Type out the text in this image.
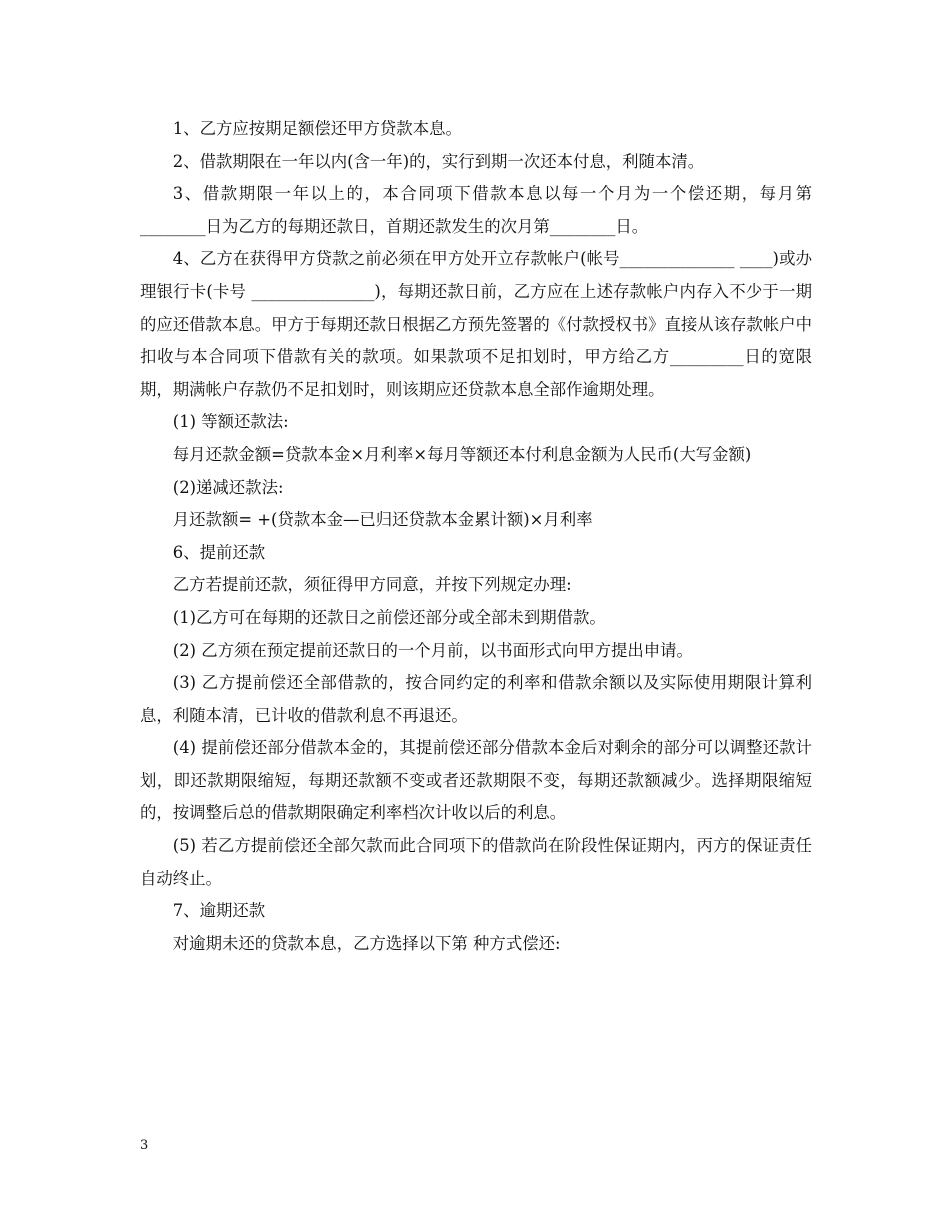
1、乙方应按期足额偿还甲方贷款本息。

2、借款期限在一年以内(含一年)的，实行到期一次还本付息，利随本清。

3、借款期限一年以上的，本合同项下借款本息以每一个月为一个偿还期，每月第________日为乙方的每期还款日，首期还款发生的次月第________日。

4、乙方在获得甲方贷款之前必须在甲方处开立存款帐户(帐号______________ ____)或办理银行卡(卡号 _______________)，每期还款日前，乙方应在上述存款帐户内存入不少于一期的应还借款本息。甲方于每期还款日根据乙方预先签署的《付款授权书》直接从该存款帐户中扣收与本合同项下借款有关的款项。如果款项不足扣划时，甲方给乙方_________日的宽限期，期满帐户存款仍不足扣划时，则该期应还贷款本息全部作逾期处理。

(1) 等额还款法:

每月还款金额=贷款本金×月利率×每月等额还本付利息金额为人民币(大写金额)

(2)递减还款法:

月还款额= +(贷款本金—已归还贷款本金累计额)×月利率

6、提前还款

乙方若提前还款，须征得甲方同意，并按下列规定办理:

(1)乙方可在每期的还款日之前偿还部分或全部未到期借款。

(2) 乙方须在预定提前还款日的一个月前，以书面形式向甲方提出申请。

(3) 乙方提前偿还全部借款的，按合同约定的利率和借款余额以及实际使用期限计算利息，利随本清，已计收的借款利息不再退还。

(4) 提前偿还部分借款本金的，其提前偿还部分借款本金后对剩余的部分可以调整还款计划，即还款期限缩短，每期还款额不变或者还款期限不变，每期还款额减少。选择期限缩短的，按调整后总的借款期限确定利率档次计收以后的利息。

(5) 若乙方提前偿还全部欠款而此合同项下的借款尚在阶段性保证期内，丙方的保证责任自动终止。

7、逾期还款

对逾期未还的贷款本息，乙方选择以下第 种方式偿还:

3
